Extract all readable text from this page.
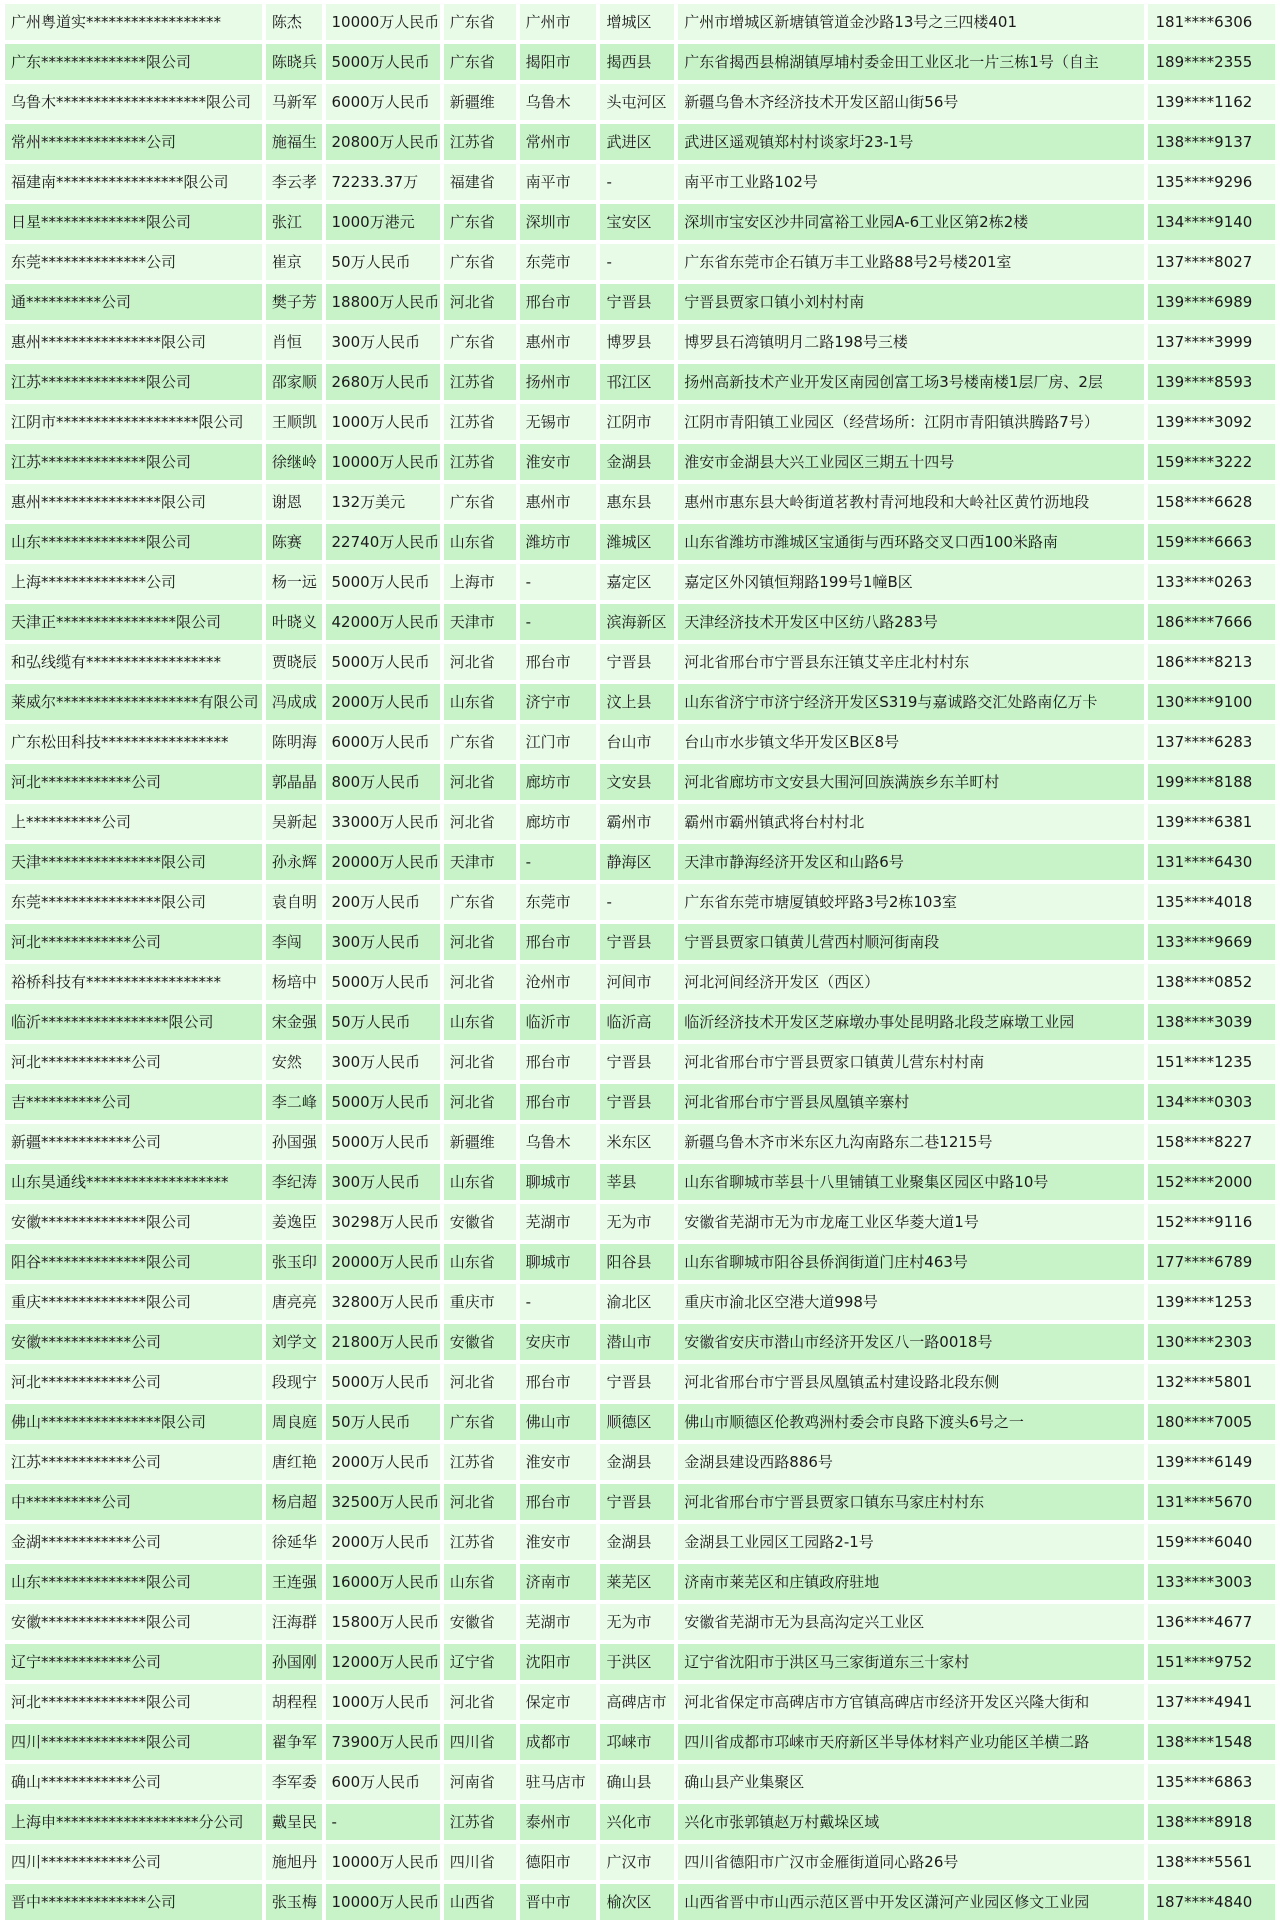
广州粤道实******************	陈杰	10000万人民币	广东省	广州市	增城区	广州市增城区新塘镇管道金沙路13号之三四楼401	181****6306
广东**************限公司	陈晓兵	5000万人民币	广东省	揭阳市	揭西县	广东省揭西县棉湖镇厚埔村委金田工业区北一片三栋1号（自主	189****2355
乌鲁木********************限公司	马新军	6000万人民币	新疆维	乌鲁木	头屯河区	新疆乌鲁木齐经济技术开发区韶山街56号	139****1162
常州**************公司	施福生	20800万人民币	江苏省	常州市	武进区	武进区遥观镇郑村村谈家圩23-1号	138****9137
福建南*****************限公司	李云孝	72233.37万	福建省	南平市	-	南平市工业路102号	135****9296
日星**************限公司	张江	1000万港元	广东省	深圳市	宝安区	深圳市宝安区沙井同富裕工业园A-6工业区第2栋2楼	134****9140
东莞**************公司	崔京	50万人民币	广东省	东莞市	-	广东省东莞市企石镇万丰工业路88号2号楼201室	137****8027
通**********公司	樊子芳	18800万人民币	河北省	邢台市	宁晋县	宁晋县贾家口镇小刘村村南	139****6989
惠州****************限公司	肖恒	300万人民币	广东省	惠州市	博罗县	博罗县石湾镇明月二路198号三楼	137****3999
江苏**************限公司	邵家顺	2680万人民币	江苏省	扬州市	邗江区	扬州高新技术产业开发区南园创富工场3号楼南楼1层厂房、2层	139****8593
江阴市*******************限公司	王顺凯	1000万人民币	江苏省	无锡市	江阴市	江阴市青阳镇工业园区（经营场所：江阴市青阳镇洪腾路7号）	139****3092
江苏**************限公司	徐继岭	10000万人民币	江苏省	淮安市	金湖县	淮安市金湖县大兴工业园区三期五十四号	159****3222
惠州****************限公司	谢恩	132万美元	广东省	惠州市	惠东县	惠州市惠东县大岭街道茗教村青河地段和大岭社区黄竹沥地段	158****6628
山东**************限公司	陈赛	22740万人民币	山东省	潍坊市	潍城区	山东省潍坊市潍城区宝通街与西环路交叉口西100米路南	159****6663
上海**************公司	杨一远	5000万人民币	上海市	-	嘉定区	嘉定区外冈镇恒翔路199号1幢B区	133****0263
天津正****************限公司	叶晓义	42000万人民币	天津市	-	滨海新区	天津经济技术开发区中区纺八路283号	186****7666
和弘线缆有******************	贾晓辰	5000万人民币	河北省	邢台市	宁晋县	河北省邢台市宁晋县东汪镇艾辛庄北村村东	186****8213
莱威尔*******************有限公司	冯成成	2000万人民币	山东省	济宁市	汶上县	山东省济宁市济宁经济开发区S319与嘉诚路交汇处路南亿万卡	130****9100
广东松田科技*****************	陈明海	6000万人民币	广东省	江门市	台山市	台山市水步镇文华开发区B区8号	137****6283
河北************公司	郭晶晶	800万人民币	河北省	廊坊市	文安县	河北省廊坊市文安县大围河回族满族乡东羊町村	199****8188
上**********公司	吴新起	33000万人民币	河北省	廊坊市	霸州市	霸州市霸州镇武将台村村北	139****6381
天津****************限公司	孙永辉	20000万人民币	天津市	-	静海区	天津市静海经济开发区和山路6号	131****6430
东莞****************限公司	袁自明	200万人民币	广东省	东莞市	-	广东省东莞市塘厦镇蛟坪路3号2栋103室	135****4018
河北************公司	李闯	300万人民币	河北省	邢台市	宁晋县	宁晋县贾家口镇黄儿营西村顺河街南段	133****9669
裕桥科技有******************	杨培中	5000万人民币	河北省	沧州市	河间市	河北河间经济开发区（西区）	138****0852
临沂*****************限公司	宋金强	50万人民币	山东省	临沂市	临沂高	临沂经济技术开发区芝麻墩办事处昆明路北段芝麻墩工业园	138****3039
河北************公司	安然	300万人民币	河北省	邢台市	宁晋县	河北省邢台市宁晋县贾家口镇黄儿营东村村南	151****1235
吉**********公司	李二峰	5000万人民币	河北省	邢台市	宁晋县	河北省邢台市宁晋县凤凰镇辛寨村	134****0303
新疆************公司	孙国强	5000万人民币	新疆维	乌鲁木	米东区	新疆乌鲁木齐市米东区九沟南路东二巷1215号	158****8227
山东昊通线*******************	李纪涛	300万人民币	山东省	聊城市	莘县	山东省聊城市莘县十八里铺镇工业聚集区园区中路10号	152****2000
安徽**************限公司	姜逸臣	30298万人民币	安徽省	芜湖市	无为市	安徽省芜湖市无为市龙庵工业区华菱大道1号	152****9116
阳谷**************限公司	张玉印	20000万人民币	山东省	聊城市	阳谷县	山东省聊城市阳谷县侨润街道门庄村463号	177****6789
重庆**************限公司	唐亮亮	32800万人民币	重庆市	-	渝北区	重庆市渝北区空港大道998号	139****1253
安徽************公司	刘学文	21800万人民币	安徽省	安庆市	潜山市	安徽省安庆市潜山市经济开发区八一路0018号	130****2303
河北************公司	段现宁	5000万人民币	河北省	邢台市	宁晋县	河北省邢台市宁晋县凤凰镇孟村建设路北段东侧	132****5801
佛山****************限公司	周良庭	50万人民币	广东省	佛山市	顺德区	佛山市顺德区伦教鸡洲村委会市良路下渡头6号之一	180****7005
江苏************公司	唐红艳	2000万人民币	江苏省	淮安市	金湖县	金湖县建设西路886号	139****6149
中**********公司	杨启超	32500万人民币	河北省	邢台市	宁晋县	河北省邢台市宁晋县贾家口镇东马家庄村村东	131****5670
金湖************公司	徐延华	2000万人民币	江苏省	淮安市	金湖县	金湖县工业园区工园路2-1号	159****6040
山东**************限公司	王连强	16000万人民币	山东省	济南市	莱芜区	济南市莱芜区和庄镇政府驻地	133****3003
安徽**************限公司	汪海群	15800万人民币	安徽省	芜湖市	无为市	安徽省芜湖市无为县高沟定兴工业区	136****4677
辽宁************公司	孙国刚	12000万人民币	辽宁省	沈阳市	于洪区	辽宁省沈阳市于洪区马三家街道东三十家村	151****9752
河北**************限公司	胡程程	1000万人民币	河北省	保定市	高碑店市	河北省保定市高碑店市方官镇高碑店市经济开发区兴隆大街和	137****4941
四川**************限公司	翟争军	73900万人民币	四川省	成都市	邛崃市	四川省成都市邛崃市天府新区半导体材料产业功能区羊横二路	138****1548
确山************公司	李军委	600万人民币	河南省	驻马店市	确山县	确山县产业集聚区	135****6863
上海申*******************分公司	戴呈民	-	江苏省	泰州市	兴化市	兴化市张郭镇赵万村戴垛区域	138****8918
四川************公司	施旭丹	10000万人民币	四川省	德阳市	广汉市	四川省德阳市广汉市金雁街道同心路26号	138****5561
晋中**************公司	张玉梅	10000万人民币	山西省	晋中市	榆次区	山西省晋中市山西示范区晋中开发区潇河产业园区修文工业园	187****4840
